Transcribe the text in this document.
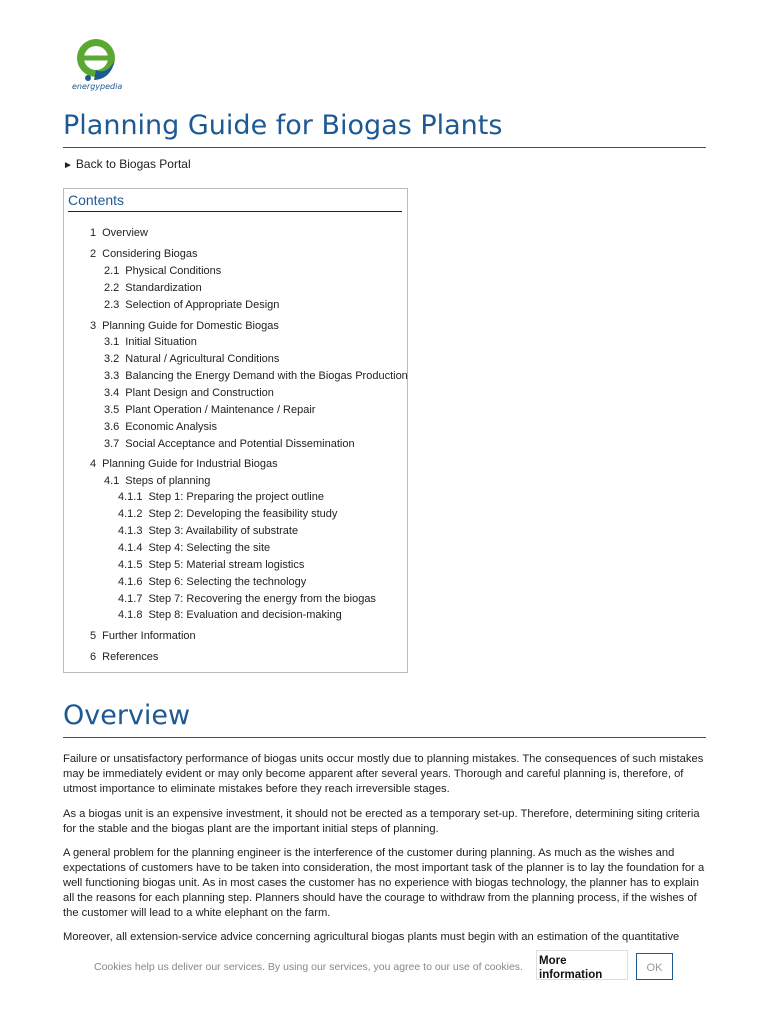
energypedia
Planning Guide for Biogas Plants
► Back to Biogas Portal
Contents
1 Overview
2 Considering Biogas
2.1 Physical Conditions
2.2 Standardization
2.3 Selection of Appropriate Design
3 Planning Guide for Domestic Biogas
3.1 Initial Situation
3.2 Natural / Agricultural Conditions
3.3 Balancing the Energy Demand with the Biogas Production
3.4 Plant Design and Construction
3.5 Plant Operation / Maintenance / Repair
3.6 Economic Analysis
3.7 Social Acceptance and Potential Dissemination
4 Planning Guide for Industrial Biogas
4.1 Steps of planning
4.1.1 Step 1: Preparing the project outline
4.1.2 Step 2: Developing the feasibility study
4.1.3 Step 3: Availability of substrate
4.1.4 Step 4: Selecting the site
4.1.5 Step 5: Material stream logistics
4.1.6 Step 6: Selecting the technology
4.1.7 Step 7: Recovering the energy from the biogas
4.1.8 Step 8: Evaluation and decision-making
5 Further Information
6 References
Overview

Failure or unsatisfactory performance of biogas units occur mostly due to planning mistakes. The consequences of such mistakes may be immediately evident or may only become apparent after several years. Thorough and careful planning is, therefore, of utmost importance to eliminate mistakes before they reach irreversible stages.

As a biogas unit is an expensive investment, it should not be erected as a temporary set-up. Therefore, determining siting criteria for the stable and the biogas plant are the important initial steps of planning.

A general problem for the planning engineer is the interference of the customer during planning. As much as the wishes and expectations of customers have to be taken into consideration, the most important task of the planner is to lay the foundation for a well functioning biogas unit. As in most cases the customer has no experience with biogas technology, the planner has to explain all the reasons for each planning step. Planners should have the courage to withdraw from the planning process, if the wishes of the customer will lead to a white elephant on the farm.

Moreover, all extension-service advice concerning agricultural biogas plants must begin with an estimation of the quantitative

Cookies help us deliver our services. By using our services, you agree to our use of cookies. More information
OK
